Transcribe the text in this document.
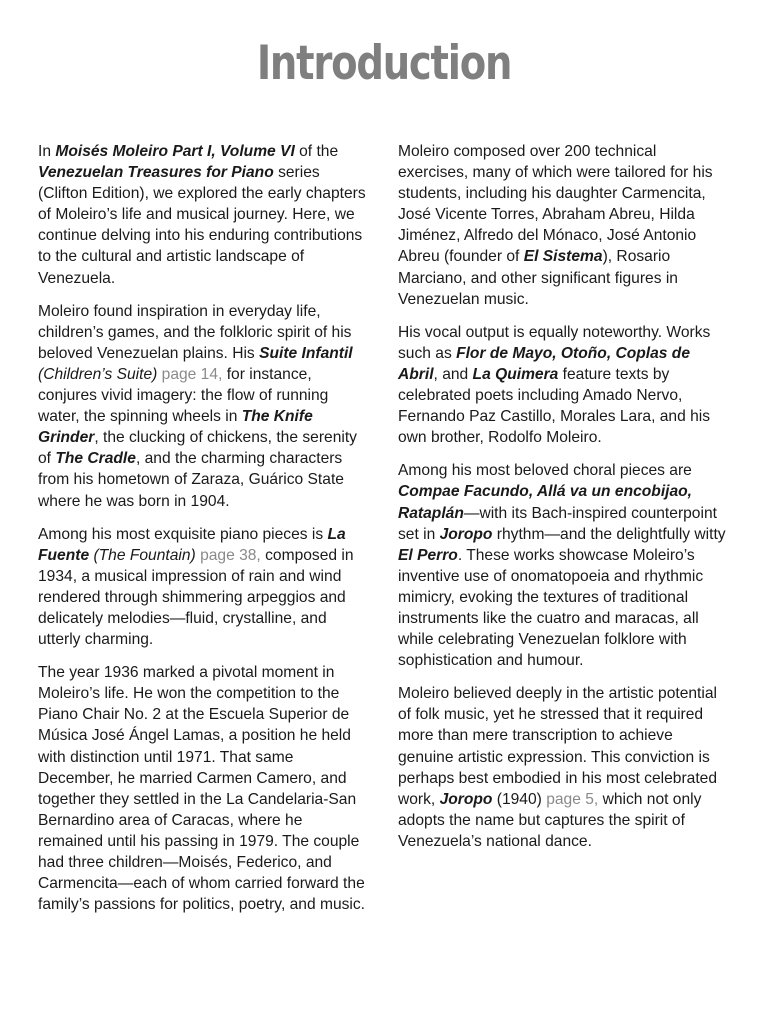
Introduction

In Moisés Moleiro Part I, Volume VI of the Venezuelan Treasures for Piano series (Clifton Edition), we explored the early chapters of Moleiro’s life and musical journey. Here, we continue delving into his enduring contributions to the cultural and artistic landscape of Venezuela.

Moleiro found inspiration in everyday life, children’s games, and the folkloric spirit of his beloved Venezuelan plains. His Suite Infantil (Children’s Suite) page 14, for instance, conjures vivid imagery: the flow of running water, the spinning wheels in The Knife Grinder, the clucking of chickens, the serenity of The Cradle, and the charming characters from his hometown of Zaraza, Guárico State where he was born in 1904.

Among his most exquisite piano pieces is La Fuente (The Fountain) page 38, composed in 1934, a musical impression of rain and wind rendered through shimmering arpeggios and delicately melodies—fluid, crystalline, and utterly charming.

The year 1936 marked a pivotal moment in Moleiro’s life. He won the competition to the Piano Chair No. 2 at the Escuela Superior de Música José Ángel Lamas, a position he held with distinction until 1971. That same December, he married Carmen Camero, and together they settled in the La Candelaria-San Bernardino area of Caracas, where he remained until his passing in 1979. The couple had three children—Moisés, Federico, and Carmencita—each of whom carried forward the family’s passions for politics, poetry, and music.

Moleiro composed over 200 technical exercises, many of which were tailored for his students, including his daughter Carmencita, José Vicente Torres, Abraham Abreu, Hilda Jiménez, Alfredo del Mónaco, José Antonio Abreu (founder of El Sistema), Rosario Marciano, and other significant figures in Venezuelan music.

His vocal output is equally noteworthy. Works such as Flor de Mayo, Otoño, Coplas de Abril, and La Quimera feature texts by celebrated poets including Amado Nervo, Fernando Paz Castillo, Morales Lara, and his own brother, Rodolfo Moleiro.

Among his most beloved choral pieces are Compae Facundo, Allá va un encobijao, Rataplán—with its Bach-inspired counterpoint set in Joropo rhythm—and the delightfully witty El Perro. These works showcase Moleiro’s inventive use of onomatopoeia and rhythmic mimicry, evoking the textures of traditional instruments like the cuatro and maracas, all while celebrating Venezuelan folklore with sophistication and humour.

Moleiro believed deeply in the artistic potential of folk music, yet he stressed that it required more than mere transcription to achieve genuine artistic expression. This conviction is perhaps best embodied in his most celebrated work, Joropo (1940) page 5, which not only adopts the name but captures the spirit of Venezuela’s national dance.
